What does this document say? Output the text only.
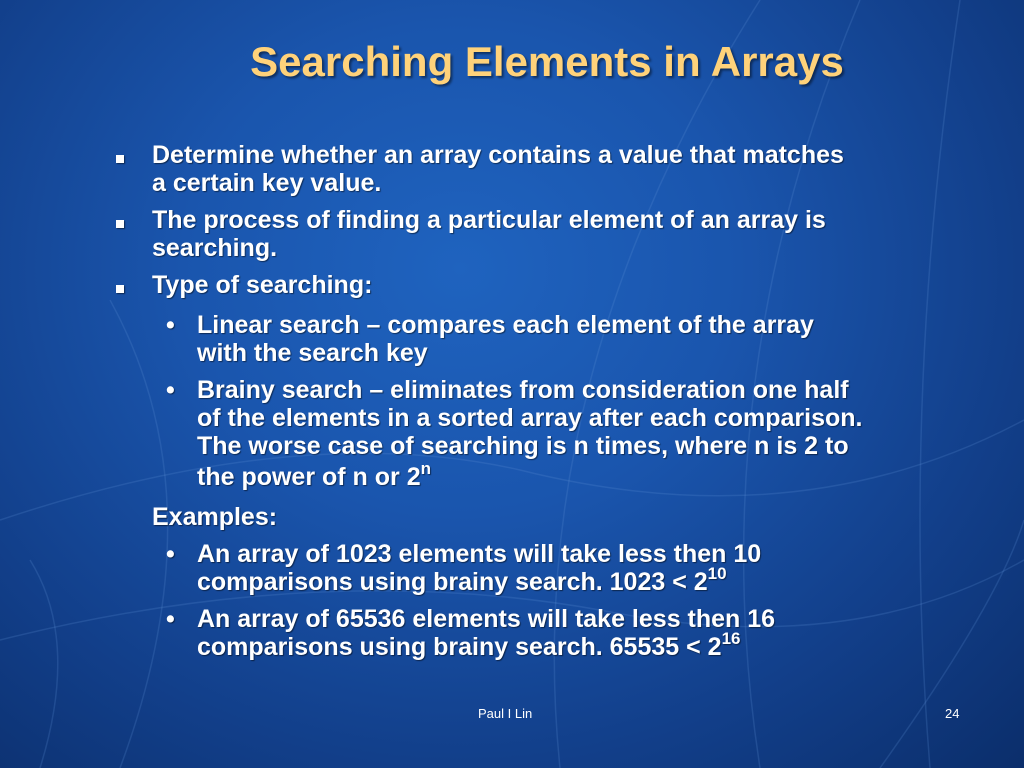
Searching Elements in Arrays
Determine whether an array contains a value that matches
a certain key value.
The process of finding a particular element of an array is
searching.
Type of searching:
• Linear search – compares each element of the array
with the search key
• Brainy search – eliminates from consideration one half
of the elements in a sorted array after each comparison.
The worse case of searching is n times, where n is 2 to
the power of n or 2$^n$
Examples:
• An array of 1023 elements will take less then 10
comparisons using brainy search. $1023 < 2^{10}$
• An array of 65536 elements will take less then 16
comparisons using brainy search. $65535 < 2^{16}$
Paul I Lin	24
